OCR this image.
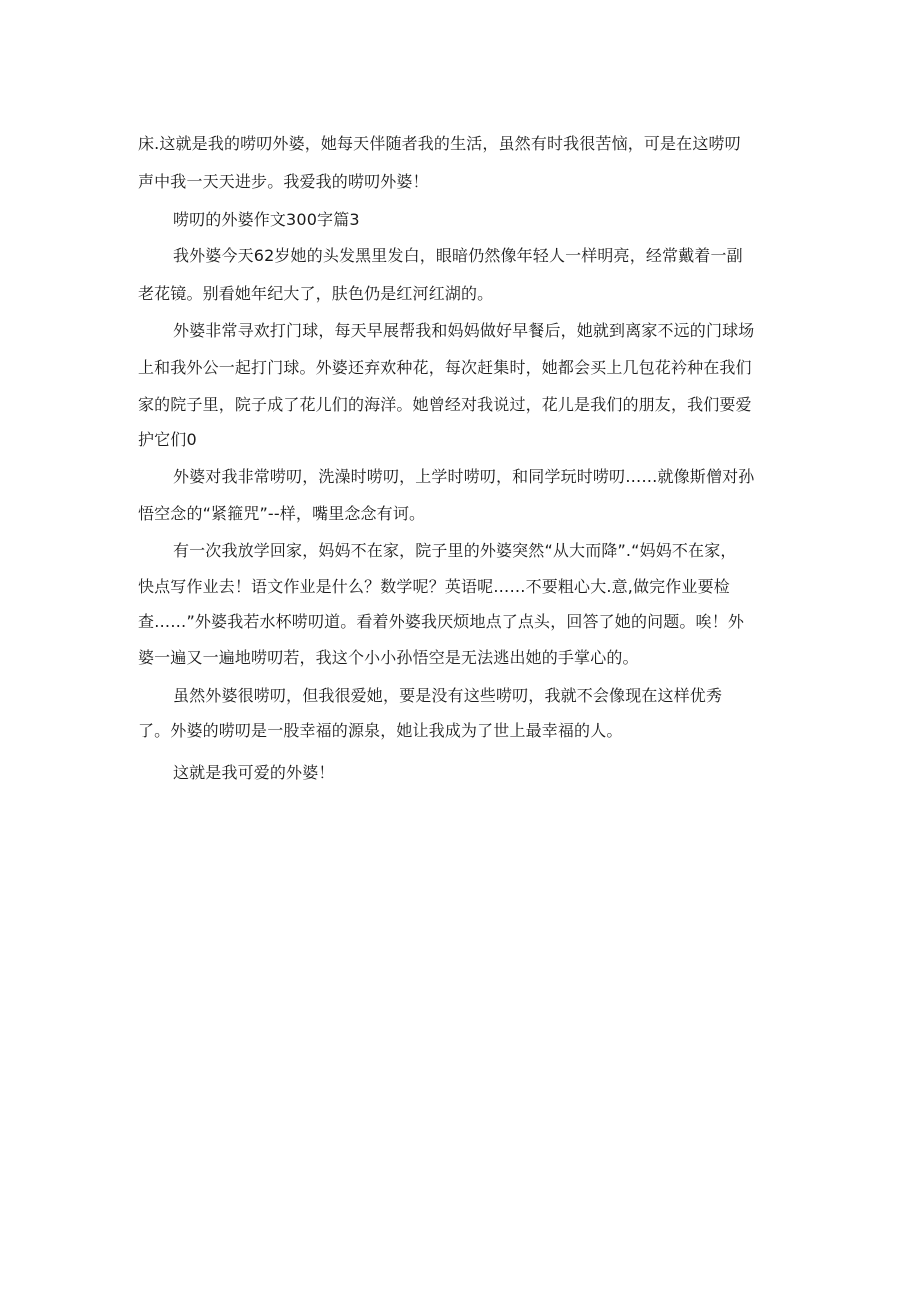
床.这就是我的唠叨外婆，她每天伴随者我的生活，虽然有时我很苦恼，可是在这唠叨
声中我一天天进步。我爱我的唠叨外婆！
唠叨的外婆作文300字篇3
我外婆今天62岁她的头发黑里发白，眼暗仍然像年轻人一样明亮，经常戴着一副
老花镜。别看她年纪大了，肤色仍是红河红湖的。
外婆非常寻欢打门球，每天早展帮我和妈妈做好早餐后，她就到离家不远的门球场
上和我外公一起打门球。外婆还弃欢种花，每次赶集时，她都会买上几包花衿种在我们
家的院子里，院子成了花儿们的海洋。她曾经对我说过，花儿是我们的朋友，我们要爱
护它们0
外婆对我非常唠叨，洗澡时唠叨，上学时唠叨，和同学玩时唠叨……就像斯僧对孙
悟空念的“紧箍咒”--样，嘴里念念有诃。
有一次我放学回家，妈妈不在家，院子里的外婆突然“从大而降”.“妈妈不在家，
快点写作业去！语文作业是什么？数学呢？英语呢……不要粗心大.意,做完作业要检
查……”外婆我若水杯唠叨道。看着外婆我厌烦地点了点头，回答了她的问题。唉！外
婆一遍又一遍地唠叨若，我这个小小孙悟空是无法逃出她的手掌心的。
虽然外婆很唠叨，但我很爱她，要是没有这些唠叨，我就不会像现在这样优秀
了。外婆的唠叨是一股幸福的源泉，她让我成为了世上最幸福的人。
这就是我可爱的外婆！
